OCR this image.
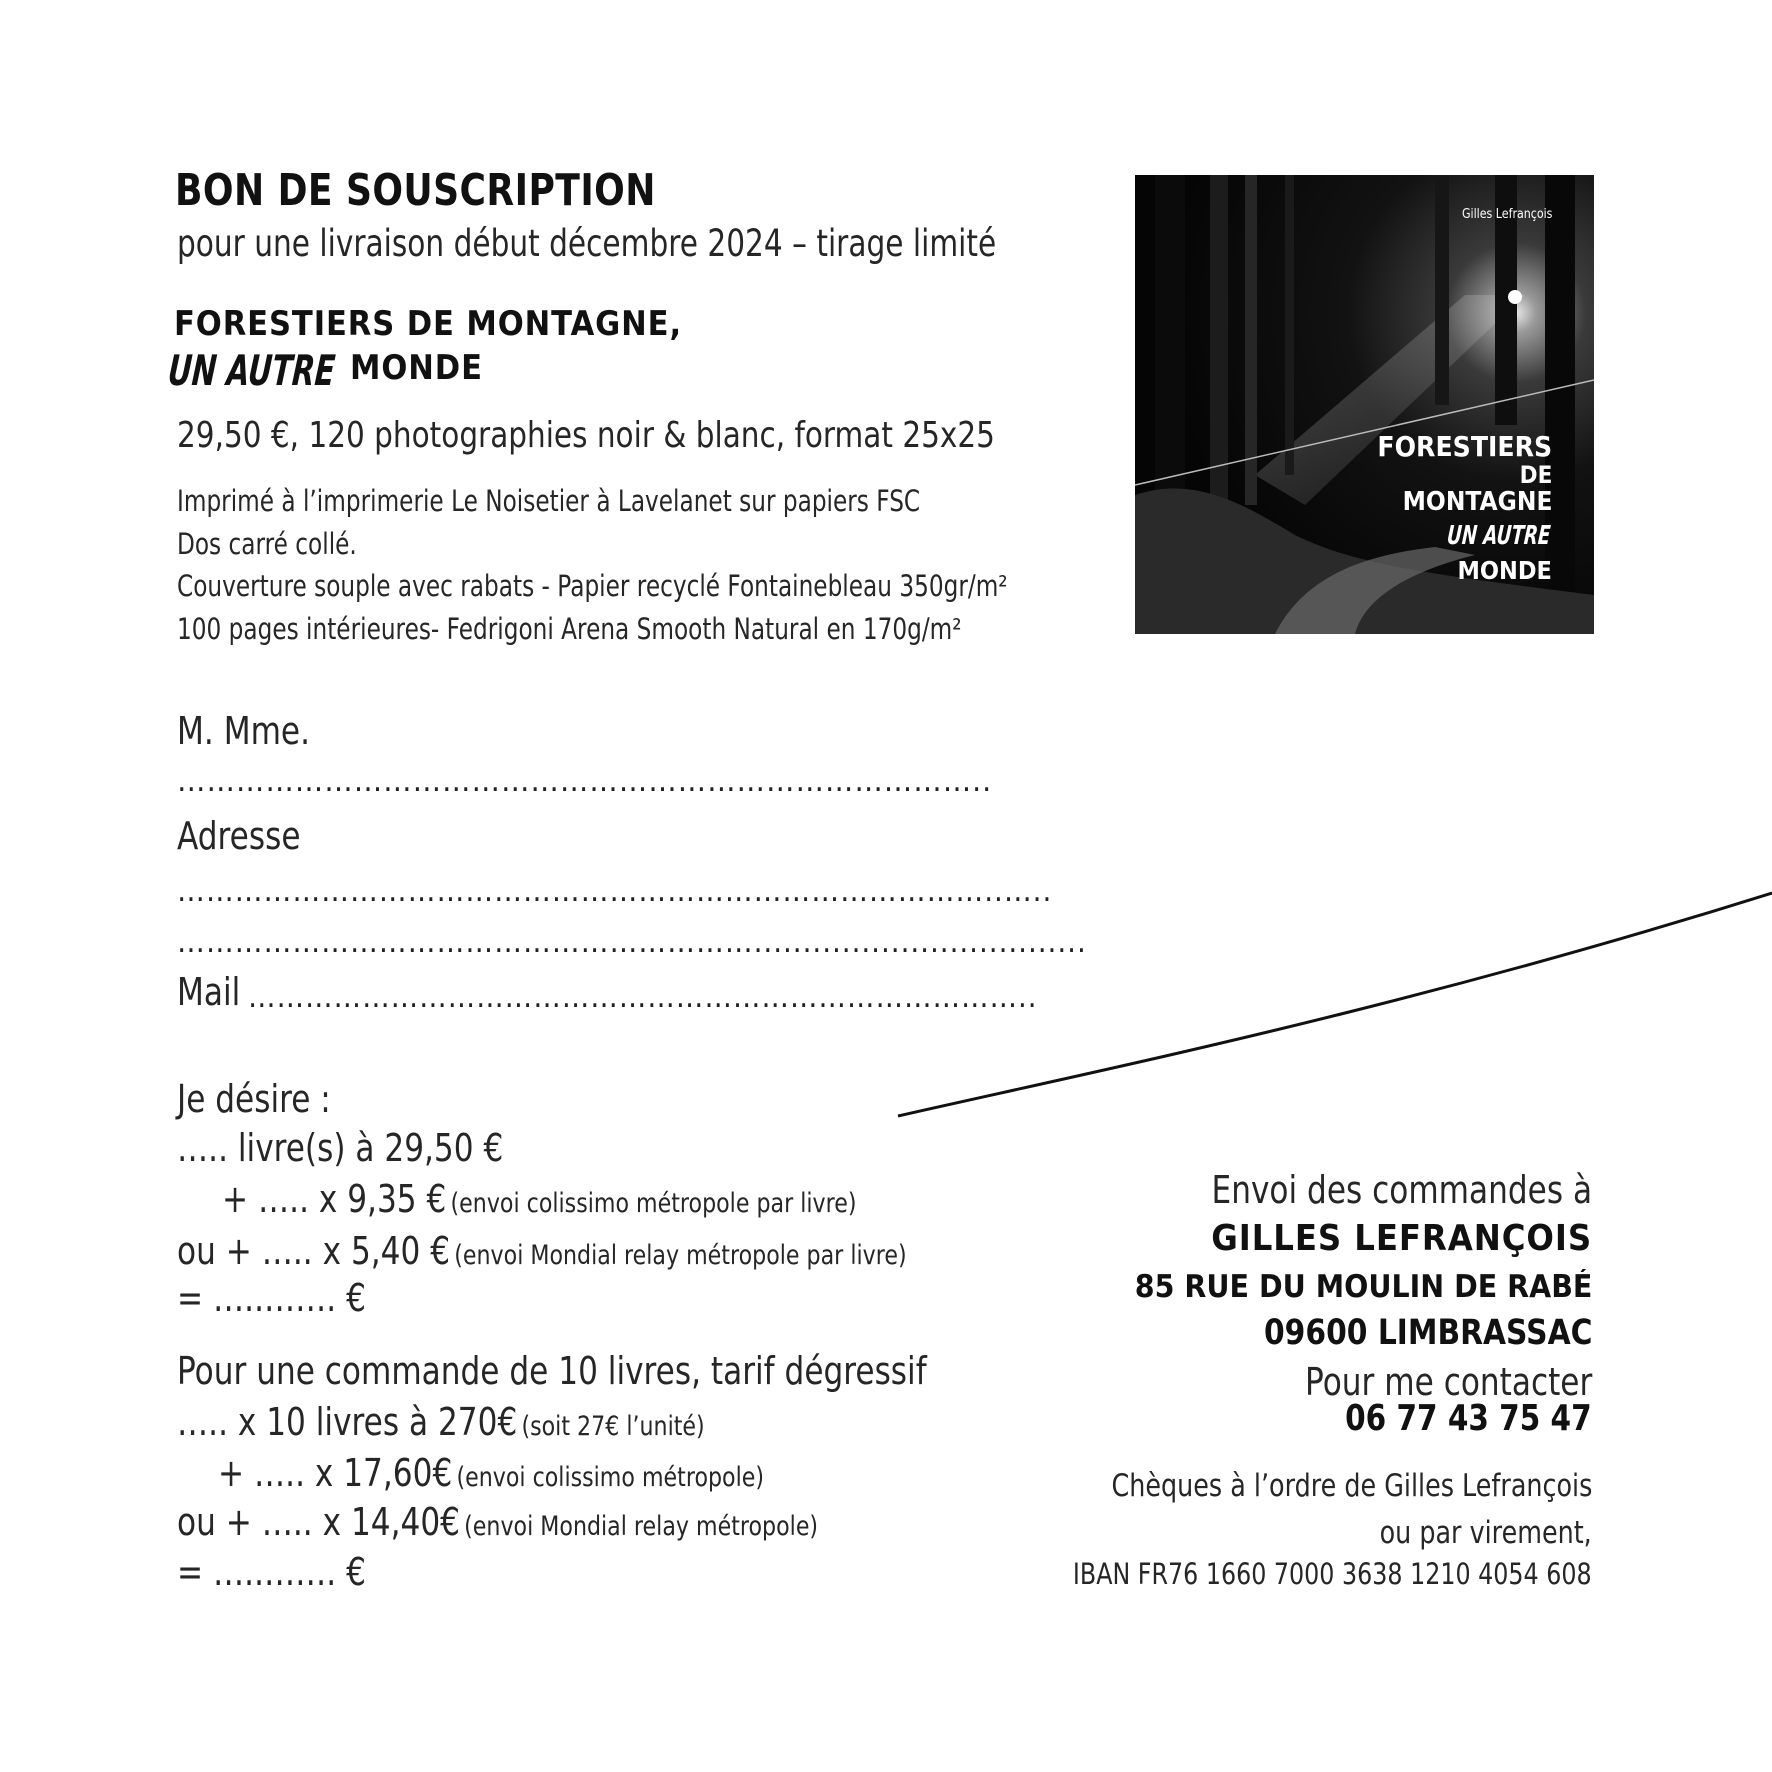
BON DE SOUSCRIPTION
pour une livraison début décembre 2024 – tirage limité
FORESTIERS DE MONTAGNE,
UN AUTRE MONDE
29,50 €, 120 photographies noir & blanc, format 25x25
Imprimé à l’imprimerie Le Noisetier à Lavelanet sur papiers FSC
Dos carré collé.
Couverture souple avec rabats - Papier recyclé Fontainebleau 350gr/m²
100 pages intérieures- Fedrigoni Arena Smooth Natural en 170g/m²
Gilles Lefrançois
FORESTIERS
DE
MONTAGNE
UN AUTRE
MONDE
M. Mme.
………………………………………………………………………..
Adresse
…………………………………………………………………………..…..
……………………………………………………..................................
Mail ………………………………………………………………………..
Je désire :
….. livre(s) à 29,50 €
+ ….. x 9,35 € (envoi colissimo métropole par livre)
ou + ….. x 5,40 € (envoi Mondial relay métropole par livre)
= …..……. €
Pour une commande de 10 livres, tarif dégressif
….. x 10 livres à 270€ (soit 27€ l’unité)
+ ….. x 17,60€ (envoi colissimo métropole)
ou + ….. x 14,40€ (envoi Mondial relay métropole)
= …..……. €
Envoi des commandes à
GILLES LEFRANÇOIS
85 RUE DU MOULIN DE RABÉ
09600 LIMBRASSAC
Pour me contacter
06 77 43 75 47
Chèques à l’ordre de Gilles Lefrançois
ou par virement,
IBAN FR76 1660 7000 3638 1210 4054 608
